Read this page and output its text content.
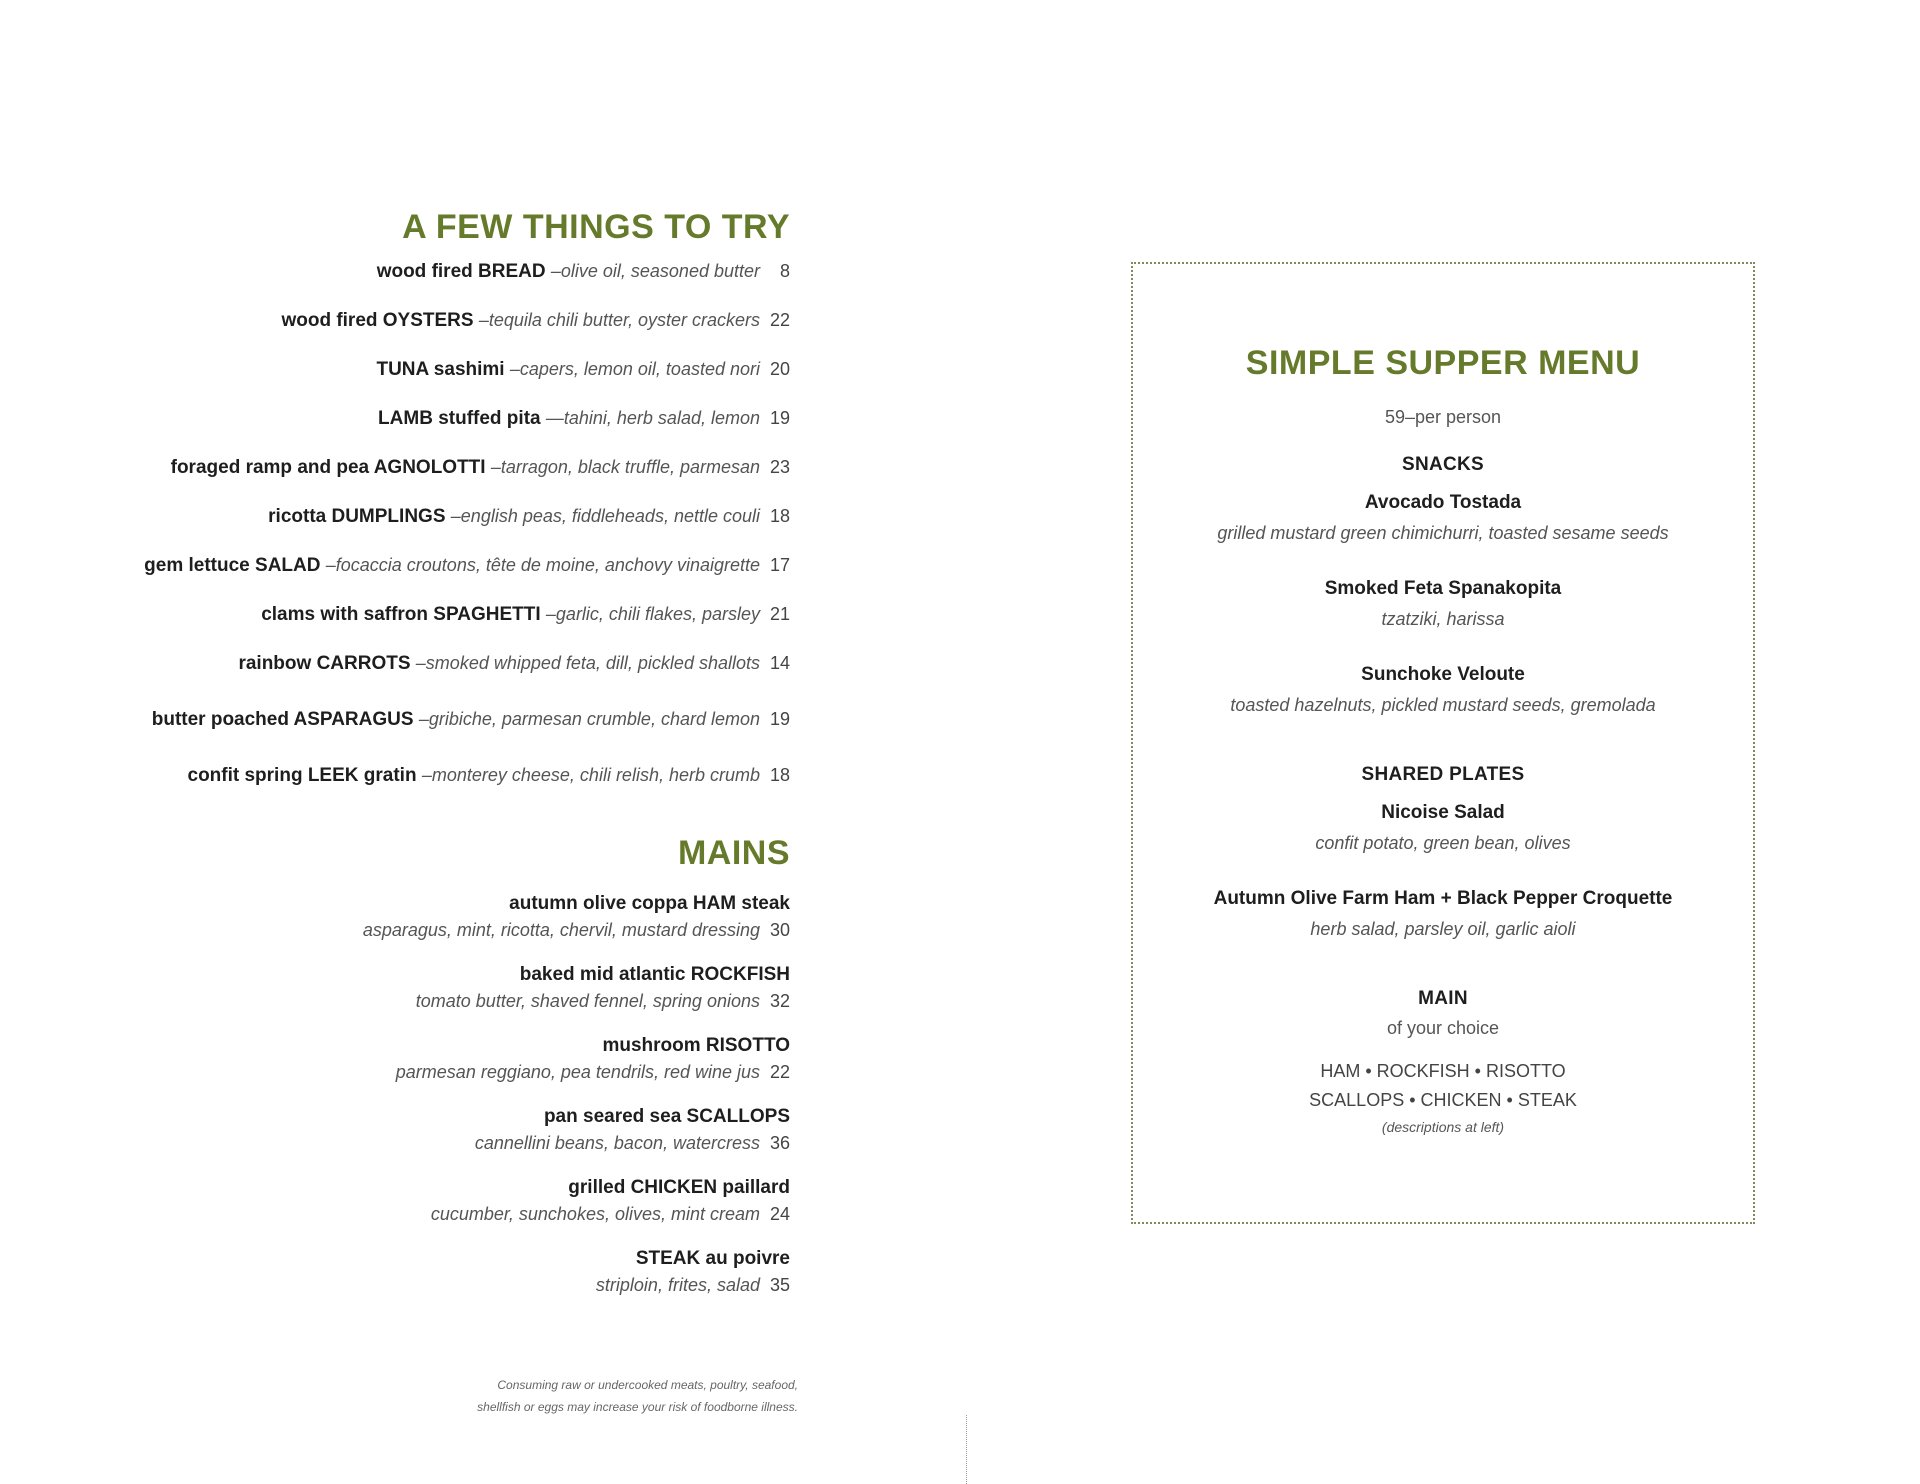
A FEW THINGS TO TRY
wood fired BREAD –olive oil, seasoned butter 8
wood fired OYSTERS –tequila chili butter, oyster crackers 22
TUNA sashimi –capers, lemon oil, toasted nori 20
LAMB stuffed pita —tahini, herb salad, lemon 19
foraged ramp and pea AGNOLOTTI –tarragon, black truffle, parmesan 23
ricotta DUMPLINGS –english peas, fiddleheads, nettle couli 18
gem lettuce SALAD –focaccia croutons, tête de moine, anchovy vinaigrette 17
clams with saffron SPAGHETTI –garlic, chili flakes, parsley 21
rainbow CARROTS –smoked whipped feta, dill, pickled shallots 14
butter poached ASPARAGUS –gribiche, parmesan crumble, chard lemon 19
confit spring LEEK gratin –monterey cheese, chili relish, herb crumb 18
MAINS
autumn olive coppa HAM steak
asparagus, mint, ricotta, chervil, mustard dressing 30
baked mid atlantic ROCKFISH
tomato butter, shaved fennel, spring onions 32
mushroom RISOTTO
parmesan reggiano, pea tendrils, red wine jus 22
pan seared sea SCALLOPS
cannellini beans, bacon, watercress 36
grilled CHICKEN paillard
cucumber, sunchokes, olives, mint cream 24
STEAK au poivre
striploin, frites, salad 35
Consuming raw or undercooked meats, poultry, seafood,
shellfish or eggs may increase your risk of foodborne illness.
SIMPLE SUPPER MENU
59–per person
SNACKS
Avocado Tostada
grilled mustard green chimichurri, toasted sesame seeds
Smoked Feta Spanakopita
tzatziki, harissa
Sunchoke Veloute
toasted hazelnuts, pickled mustard seeds, gremolada
SHARED PLATES
Nicoise Salad
confit potato, green bean, olives
Autumn Olive Farm Ham + Black Pepper Croquette
herb salad, parsley oil, garlic aioli
MAIN
of your choice
HAM • ROCKFISH • RISOTTO
SCALLOPS • CHICKEN • STEAK
(descriptions at left)
